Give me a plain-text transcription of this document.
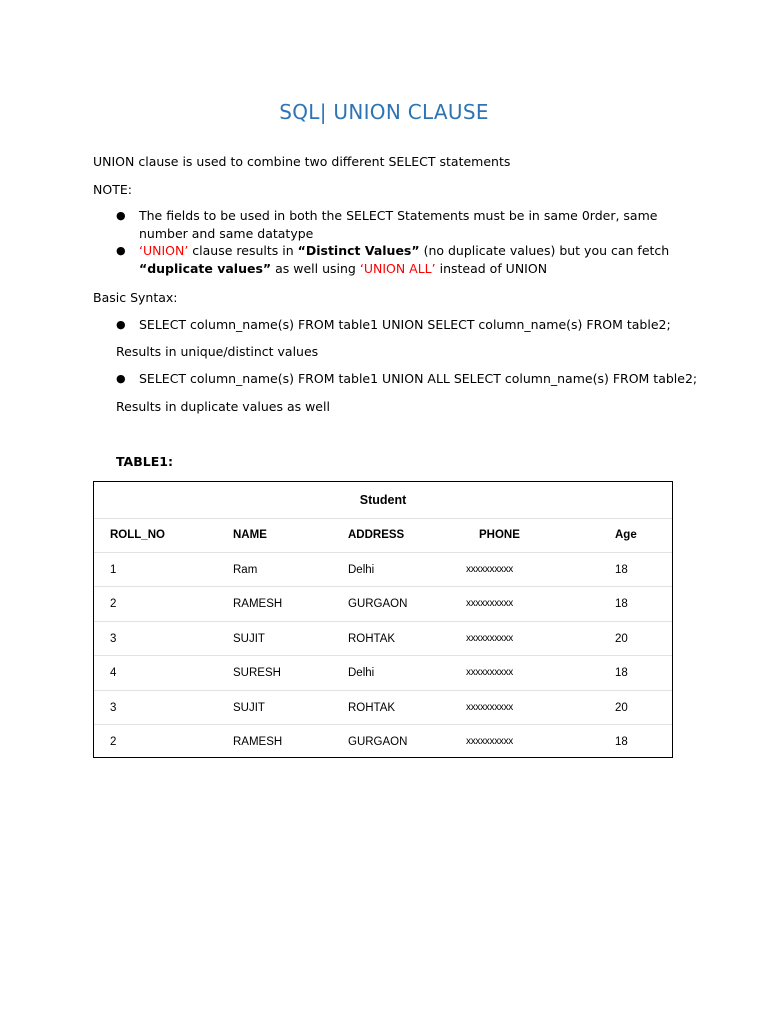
SQL| UNION CLAUSE
UNION clause is used to combine two different SELECT statements
NOTE:
● The fields to be used in both the SELECT Statements must be in same 0rder, same number and same datatype
● ‘UNION’ clause results in “Distinct Values” (no duplicate values) but you can fetch “duplicate values” as well using ‘UNION ALL’ instead of UNION
Basic Syntax:
● SELECT column_name(s) FROM table1 UNION SELECT column_name(s) FROM table2;
Results in unique/distinct values
● SELECT column_name(s) FROM table1 UNION ALL SELECT column_name(s) FROM table2;
Results in duplicate values as well
TABLE1:
Student
ROLL_NO	NAME	ADDRESS	PHONE	Age
1	Ram	Delhi	xxxxxxxxxx	18
2	RAMESH	GURGAON	xxxxxxxxxx	18
3	SUJIT	ROHTAK	xxxxxxxxxx	20
4	SURESH	Delhi	xxxxxxxxxx	18
3	SUJIT	ROHTAK	xxxxxxxxxx	20
2	RAMESH	GURGAON	xxxxxxxxxx	18
